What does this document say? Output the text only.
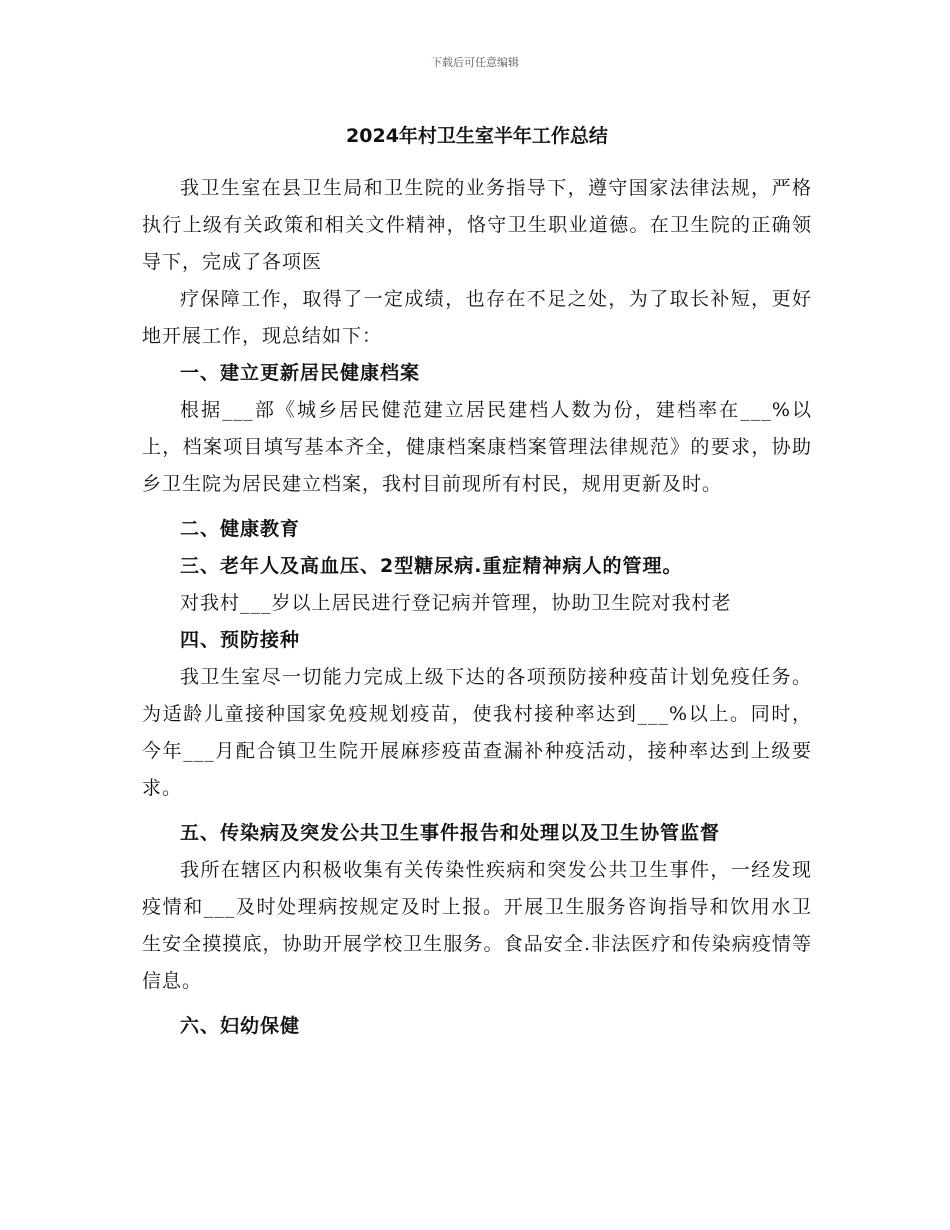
下载后可任意编辑
2024年村卫生室半年工作总结

我卫生室在县卫生局和卫生院的业务指导下，遵守国家法律法规，严格执行上级有关政策和相关文件精神，恪守卫生职业道德。在卫生院的正确领导下，完成了各项医

疗保障工作，取得了一定成绩，也存在不足之处，为了取长补短，更好地开展工作，现总结如下：

一、建立更新居民健康档案

根据___部《城乡居民健范建立居民建档人数为份，建档率在___%以上，档案项目填写基本齐全，健康档案康档案管理法律规范》的要求，协助乡卫生院为居民建立档案，我村目前现所有村民，规用更新及时。

二、健康教育

三、老年人及高血压、2型糖尿病.重症精神病人的管理。

对我村___岁以上居民进行登记病并管理，协助卫生院对我村老

四、预防接种

我卫生室尽一切能力完成上级下达的各项预防接种疫苗计划免疫任务。为适龄儿童接种国家免疫规划疫苗，使我村接种率达到___%以上。同时，今年___月配合镇卫生院开展麻疹疫苗查漏补种疫活动，接种率达到上级要求。

五、传染病及突发公共卫生事件报告和处理以及卫生协管监督

我所在辖区内积极收集有关传染性疾病和突发公共卫生事件，一经发现疫情和___及时处理病按规定及时上报。开展卫生服务咨询指导和饮用水卫生安全摸摸底，协助开展学校卫生服务。食品安全.非法医疗和传染病疫情等信息。

六、妇幼保健
